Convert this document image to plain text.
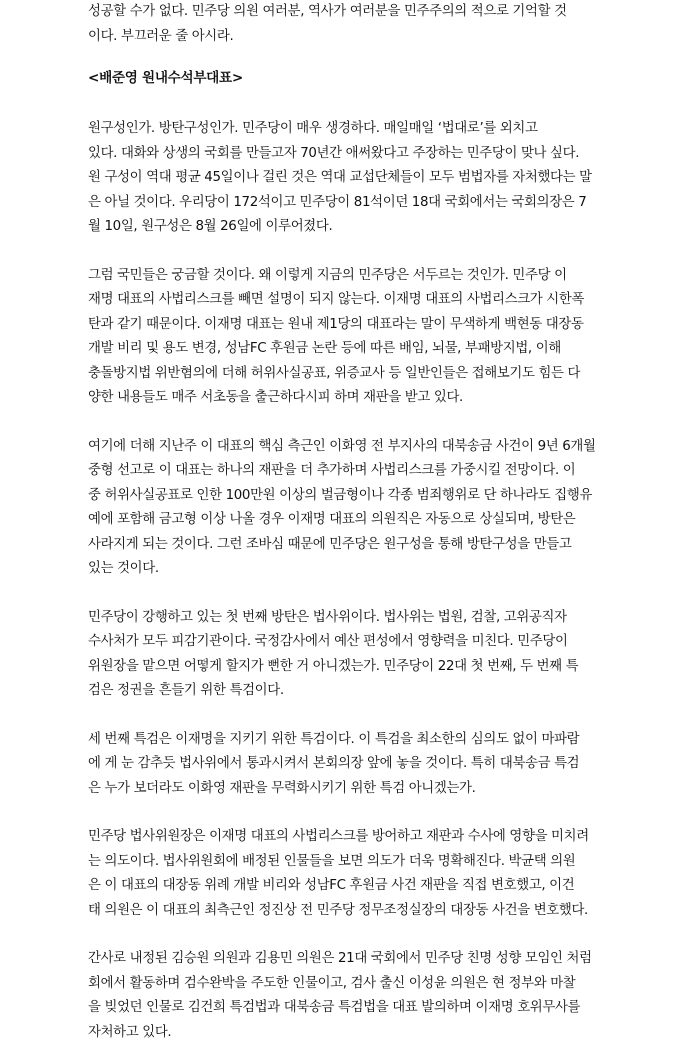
성공할 수가 없다. 민주당 의원 여러분, 역사가 여러분을 민주주의의 적으로 기억할 것
이다. 부끄러운 줄 아시라.

<배준영 원내수석부대표>

원구성인가. 방탄구성인가. 민주당이 매우 생경하다. 매일매일 ‘법대로’를 외치고
있다. 대화와 상생의 국회를 만들고자 70년간 애써왔다고 주장하는 민주당이 맞나 싶다.
원 구성이 역대 평균 45일이나 걸린 것은 역대 교섭단체들이 모두 범법자를 자처했다는 말
은 아닐 것이다. 우리당이 172석이고 민주당이 81석이던 18대 국회에서는 국회의장은 7
월 10일, 원구성은 8월 26일에 이루어졌다.

그럼 국민들은 궁금할 것이다. 왜 이렇게 지금의 민주당은 서두르는 것인가. 민주당 이
재명 대표의 사법리스크를 빼면 설명이 되지 않는다. 이재명 대표의 사법리스크가 시한폭
탄과 같기 때문이다. 이재명 대표는 원내 제1당의 대표라는 말이 무색하게 백현동 대장동
개발 비리 및 용도 변경, 성남FC 후원금 논란 등에 따른 배임, 뇌물, 부패방지법, 이해
충돌방지법 위반혐의에 더해 허위사실공표, 위증교사 등 일반인들은 접해보기도 힘든 다
양한 내용들도 매주 서초동을 출근하다시피 하며 재판을 받고 있다.

여기에 더해 지난주 이 대표의 핵심 측근인 이화영 전 부지사의 대북송금 사건이 9년 6개월
중형 선고로 이 대표는 하나의 재판을 더 추가하며 사법리스크를 가중시킬 전망이다. 이
중 허위사실공표로 인한 100만원 이상의 벌금형이나 각종 범죄행위로 단 하나라도 집행유
예에 포함해 금고형 이상 나올 경우 이재명 대표의 의원직은 자동으로 상실되며, 방탄은
사라지게 되는 것이다. 그런 조바심 때문에 민주당은 원구성을 통해 방탄구성을 만들고
있는 것이다.

민주당이 강행하고 있는 첫 번째 방탄은 법사위이다. 법사위는 법원, 검찰, 고위공직자
수사처가 모두 피감기관이다. 국정감사에서 예산 편성에서 영향력을 미친다. 민주당이
위원장을 맡으면 어떻게 할지가 뻔한 거 아니겠는가. 민주당이 22대 첫 번째, 두 번째 특
검은 정권을 흔들기 위한 특검이다.

세 번째 특검은 이재명을 지키기 위한 특검이다. 이 특검을 최소한의 심의도 없이 마파람
에 게 눈 감추듯 법사위에서 통과시켜서 본회의장 앞에 놓을 것이다. 특히 대북송금 특검
은 누가 보더라도 이화영 재판을 무력화시키기 위한 특검 아니겠는가.

민주당 법사위원장은 이재명 대표의 사법리스크를 방어하고 재판과 수사에 영향을 미치려
는 의도이다. 법사위원회에 배정된 인물들을 보면 의도가 더욱 명확해진다. 박균택 의원
은 이 대표의 대장동 위례 개발 비리와 성남FC 후원금 사건 재판을 직접 변호했고, 이건
태 의원은 이 대표의 최측근인 정진상 전 민주당 정무조정실장의 대장동 사건을 변호했다.

간사로 내정된 김승원 의원과 김용민 의원은 21대 국회에서 민주당 친명 성향 모임인 처럼
회에서 활동하며 검수완박을 주도한 인물이고, 검사 출신 이성윤 의원은 현 정부와 마찰
을 빚었던 인물로 김건희 특검법과 대북송금 특검법을 대표 발의하며 이재명 호위무사를
자처하고 있다.
